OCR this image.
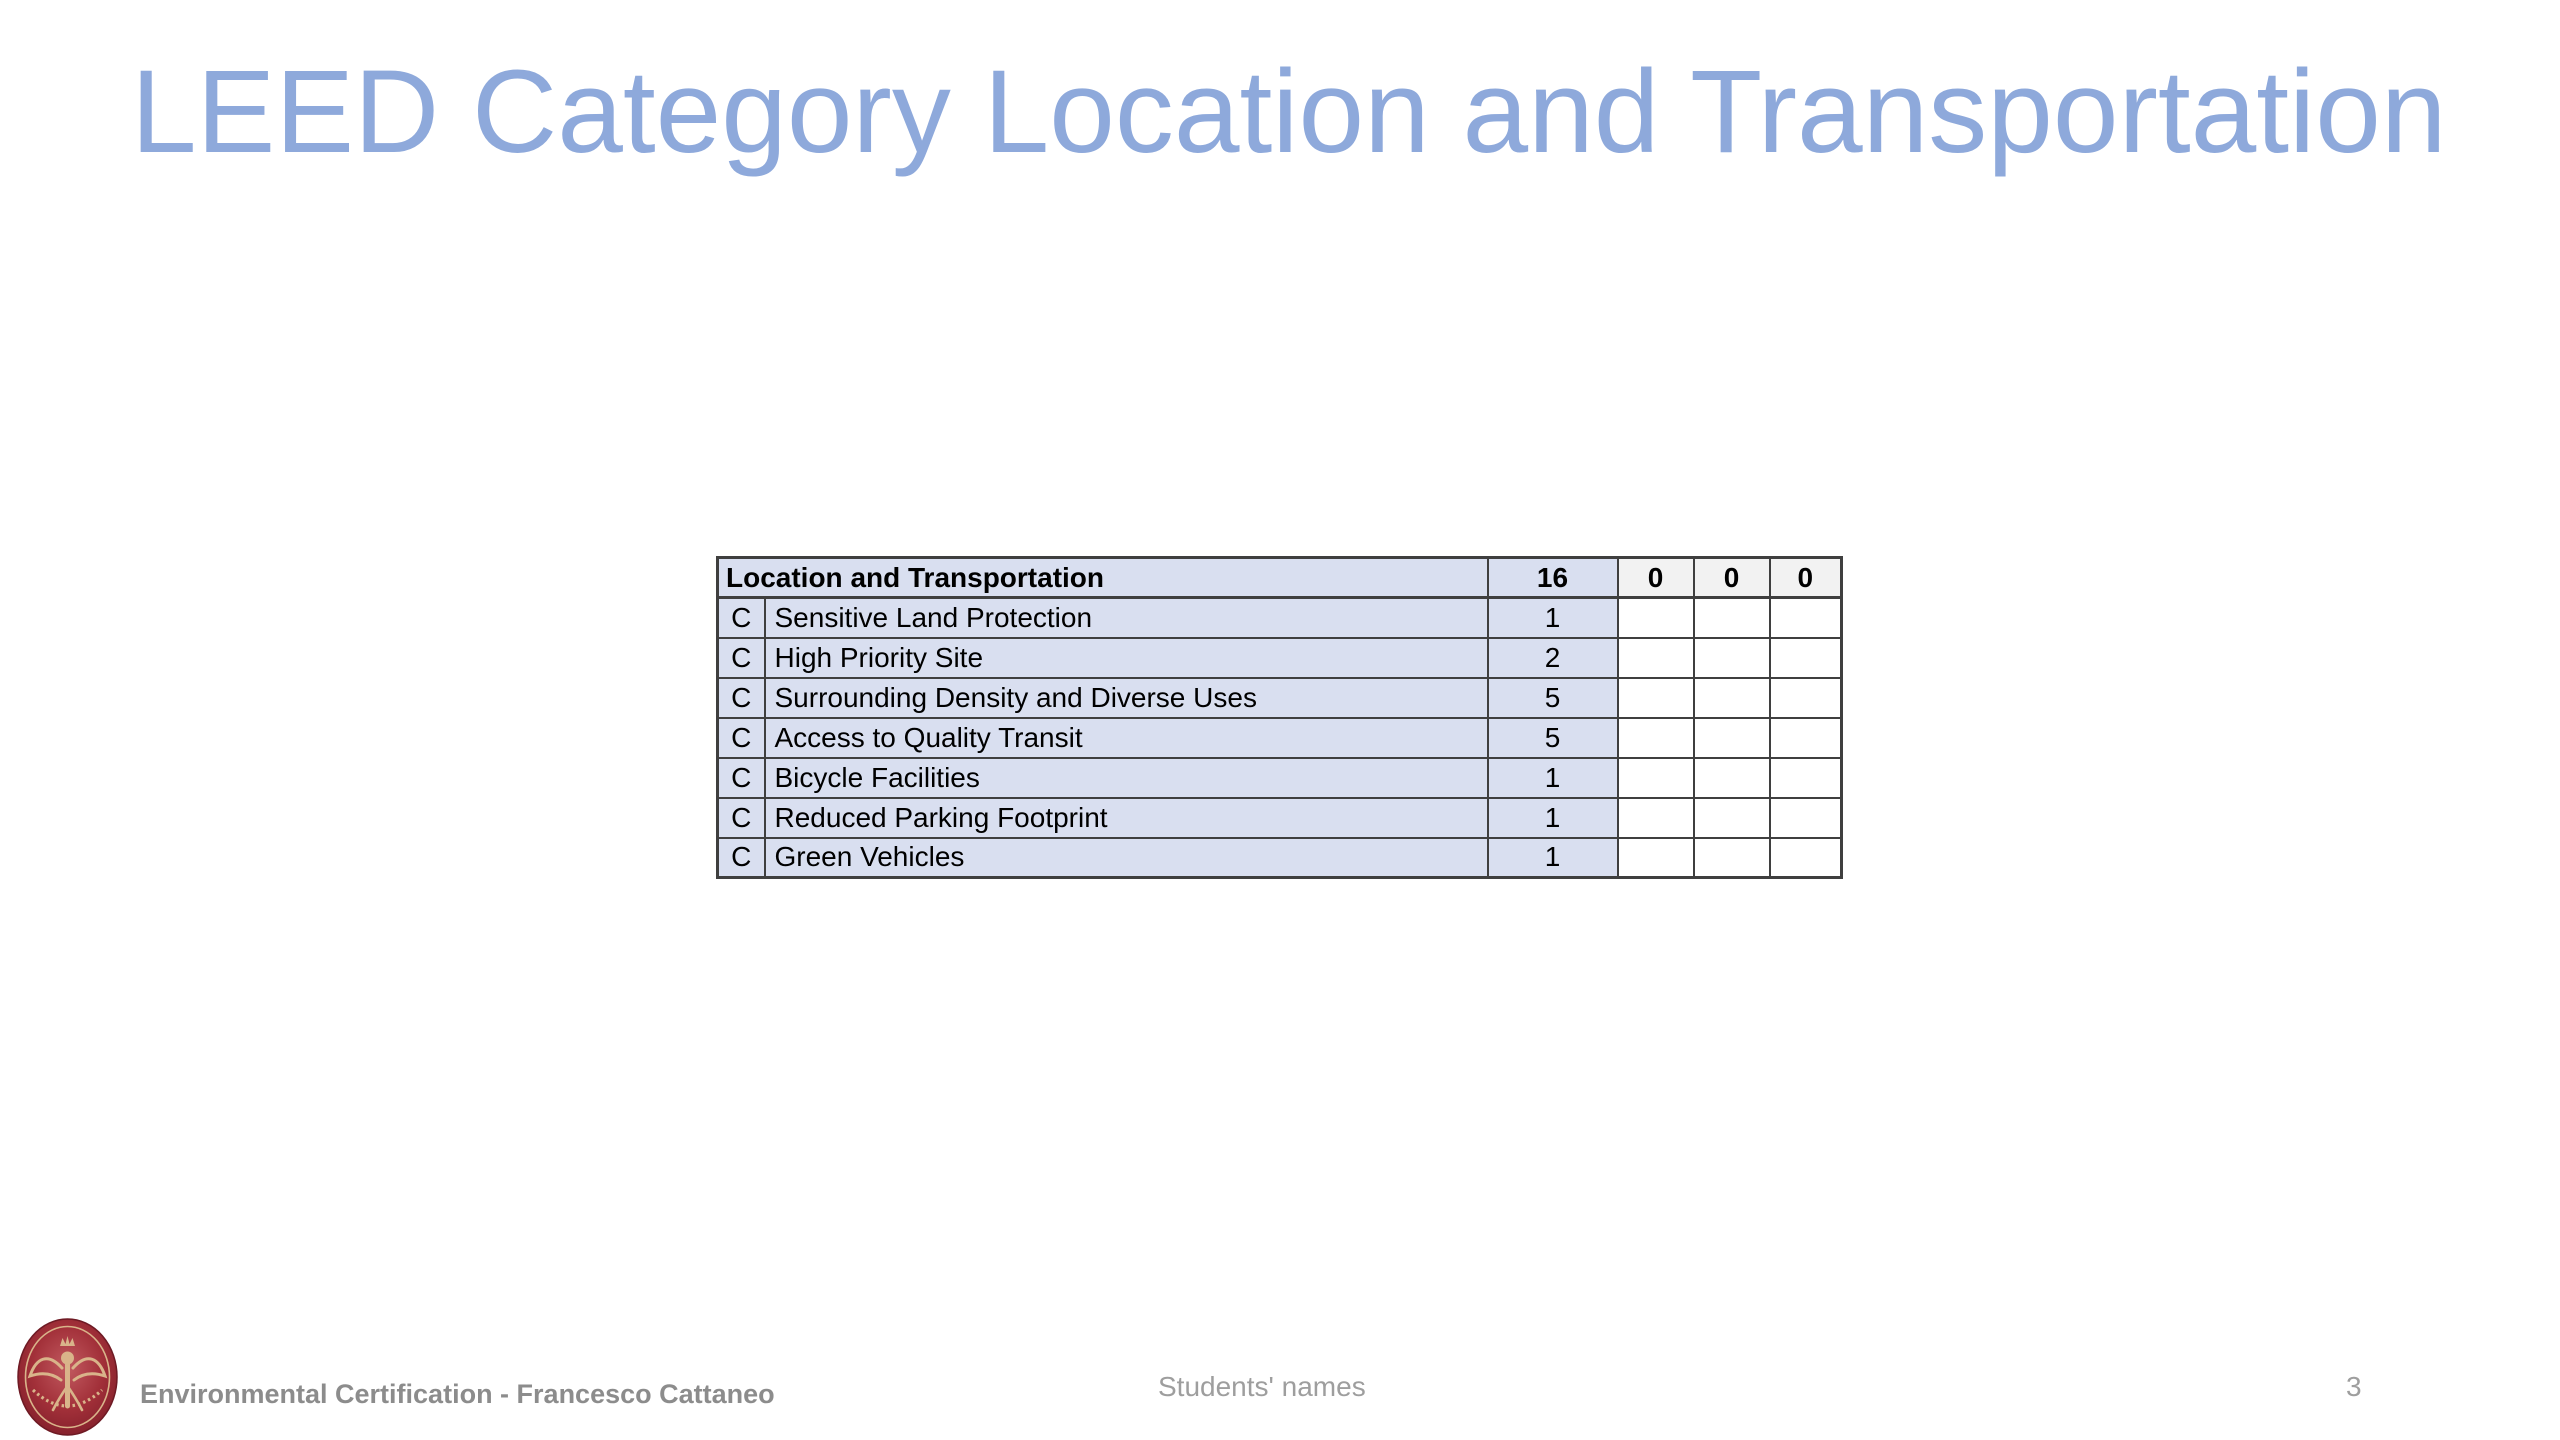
LEED Category Location and Transportation
Location and Transportation		16	0	0	0
C	Sensitive Land Protection	1			
C	High Priority Site	2			
C	Surrounding Density and Diverse Uses	5			
C	Access to Quality Transit	5			
C	Bicycle Facilities	1			
C	Reduced Parking Footprint	1			
C	Green Vehicles	1			
Environmental Certification - Francesco Cattaneo	Students' names	3
